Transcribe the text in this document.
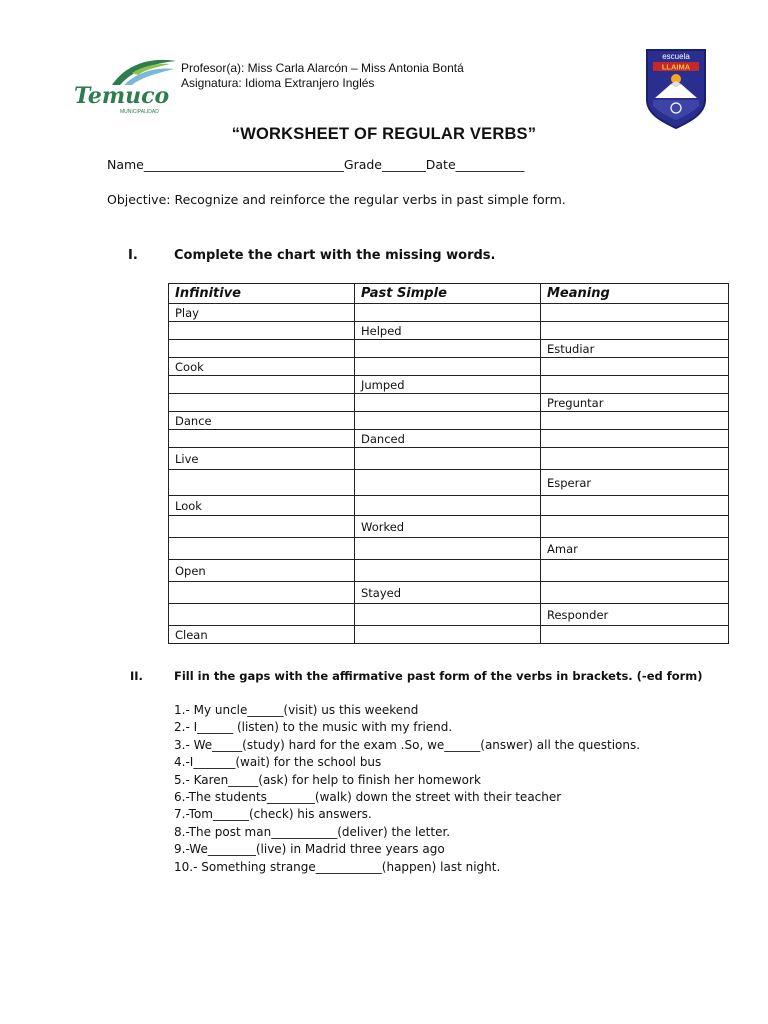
Temuco
MUNICIPALIDAD
Profesor(a): Miss Carla Alarcón – Miss Antonia Bontá
Asignatura: Idioma Extranjero Inglés
escuela
LLAIMA
“WORKSHEET OF REGULAR VERBS”
Name________________________________Grade_______Date___________
Objective: Recognize and reinforce the regular verbs in past simple form.
I.	Complete the chart with the missing words.
Infinitive	Past Simple	Meaning
Play		
	Helped	
		Estudiar
Cook		
	Jumped	
		Preguntar
Dance		
	Danced	
Live		
		Esperar
Look		
	Worked	
		Amar
Open		
	Stayed	
		Responder
Clean		
II.	Fill in the gaps with the affirmative past form of the verbs in brackets. (-ed form)
1.- My uncle______(visit) us this weekend
2.- I______ (listen) to the music with my friend.
3.- We_____(study) hard for the exam .So, we______(answer) all the questions.
4.-I_______(wait) for the school bus
5.- Karen_____(ask) for help to finish her homework
6.-The students________(walk) down the street with their teacher
7.-Tom______(check) his answers.
8.-The post man___________(deliver) the letter.
9.-We________(live) in Madrid three years ago
10.- Something strange___________(happen) last night.
